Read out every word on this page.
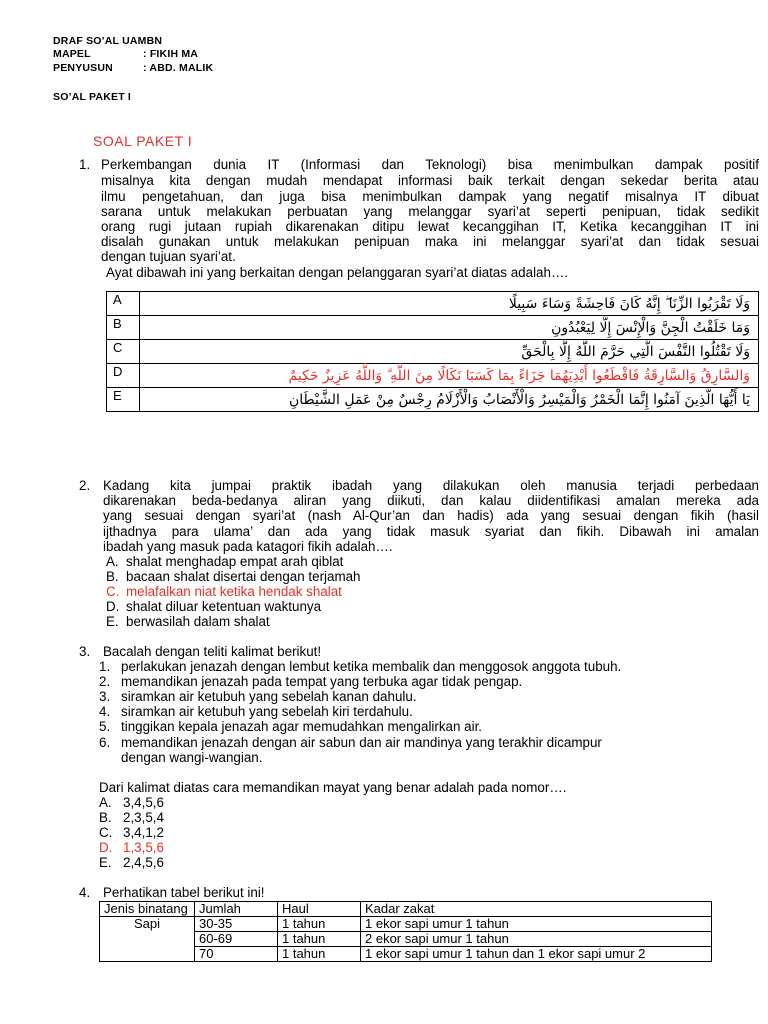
DRAF SO’AL UAMBN
MAPEL	: FIKIH MA
PENYUSUN	: ABD. MALIK
SO’AL PAKET I
SOAL PAKET I
1. Perkembangan dunia IT (Informasi dan Teknologi) bisa menimbulkan dampak positif
misalnya kita dengan mudah mendapat informasi baik terkait dengan sekedar berita atau
ilmu pengetahuan, dan juga bisa menimbulkan dampak yang negatif misalnya IT dibuat
sarana untuk melakukan perbuatan yang melanggar syari’at seperti penipuan, tidak sedikit
orang rugi jutaan rupiah dikarenakan ditipu lewat kecanggihan IT, Ketika kecanggihan IT ini
disalah gunakan untuk melakukan penipuan maka ini melanggar syari’at dan tidak sesuai
dengan tujuan syari’at.
Ayat dibawah ini yang berkaitan dengan pelanggaran syari’at diatas adalah….
A	وَلَا تَقْرَبُوا الزِّنَا ۖ إِنَّهُ كَانَ فَاحِشَةً وَسَاءَ سَبِيلًا
B	وَمَا خَلَقْتُ الْجِنَّ وَالْإِنْسَ إِلَّا لِيَعْبُدُونِ
C	وَلَا تَقْتُلُوا النَّفْسَ الَّتِي حَرَّمَ اللَّهُ إِلَّا بِالْحَقِّ
D	وَالسَّارِقُ وَالسَّارِقَةُ فَاقْطَعُوا أَيْدِيَهُمَا جَزَاءً بِمَا كَسَبَا نَكَالًا مِنَ اللَّهِ ۗ وَاللَّهُ عَزِيزٌ حَكِيمٌ
E	يَا أَيُّهَا الَّذِينَ آمَنُوا إِنَّمَا الْخَمْرُ وَالْمَيْسِرُ وَالْأَنْصَابُ وَالْأَزْلَامُ رِجْسٌ مِنْ عَمَلِ الشَّيْطَانِ
2. Kadang kita jumpai praktik ibadah yang dilakukan oleh manusia terjadi perbedaan
dikarenakan beda-bedanya aliran yang diikuti, dan kalau diidentifikasi amalan mereka ada
yang sesuai dengan syari’at (nash Al-Qur’an dan hadis) ada yang sesuai dengan fikih (hasil
ijthadnya para ulama’ dan ada yang tidak masuk syariat dan fikih. Dibawah ini amalan
ibadah yang masuk pada katagori fikih adalah….
A. shalat menghadap empat arah qiblat
B. bacaan shalat disertai dengan terjamah
C. melafalkan niat ketika hendak shalat
D. shalat diluar ketentuan waktunya
E. berwasilah dalam shalat
3. Bacalah dengan teliti kalimat berikut!
1. perlakukan jenazah dengan lembut ketika membalik dan menggosok anggota tubuh.
2. memandikan jenazah pada tempat yang terbuka agar tidak pengap.
3. siramkan air ketubuh yang sebelah kanan dahulu.
4. siramkan air ketubuh yang sebelah kiri terdahulu.
5. tinggikan kepala jenazah agar memudahkan mengalirkan air.
6. memandikan jenazah dengan air sabun dan air mandinya yang terakhir dicampur
dengan wangi-wangian.
Dari kalimat diatas cara memandikan mayat yang benar adalah pada nomor….
A. 3,4,5,6
B. 2,3,5,4
C. 3,4,1,2
D. 1,3,5,6
E. 2,4,5,6
4. Perhatikan tabel berikut ini!
Jenis binatang	Jumlah	Haul	Kadar zakat
Sapi	30-35	1 tahun	1 ekor sapi umur 1 tahun
	60-69	1 tahun	2 ekor sapi umur 1 tahun
	70	1 tahun	1 ekor sapi umur 1 tahun dan 1 ekor sapi umur 2
